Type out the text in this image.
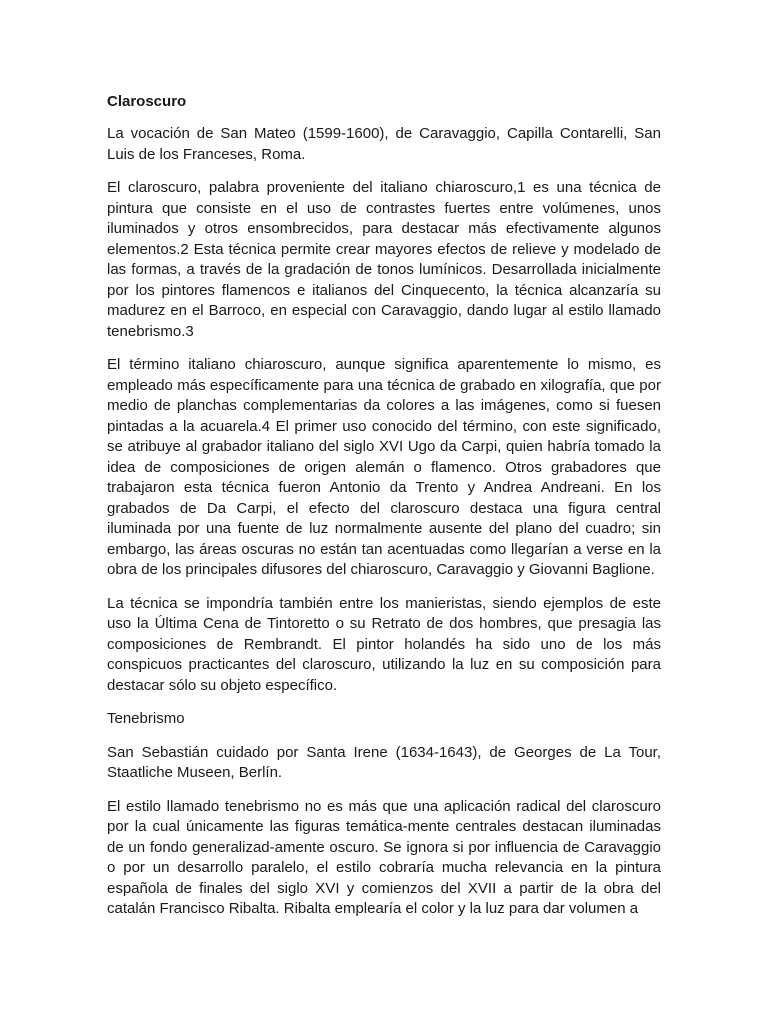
Claroscuro

La vocación de San Mateo (1599-1600), de Caravaggio, Capilla Contarelli, San Luis de los Franceses, Roma.

El claroscuro, palabra proveniente del italiano chiaroscuro,1 es una técnica de pintura que consiste en el uso de contrastes fuertes entre volúmenes, unos iluminados y otros ensombrecidos, para destacar más efectivamente algunos elementos.2 Esta técnica permite crear mayores efectos de relieve y modelado de las formas, a través de la gradación de tonos lumínicos. Desarrollada inicialmente por los pintores flamencos e italianos del Cinquecento, la técnica alcanzaría su madurez en el Barroco, en especial con Caravaggio, dando lugar al estilo llamado tenebrismo.3

El término italiano chiaroscuro, aunque significa aparentemente lo mismo, es empleado más específicamente para una técnica de grabado en xilografía, que por medio de planchas complementarias da colores a las imágenes, como si fuesen pintadas a la acuarela.4 El primer uso conocido del término, con este significado, se atribuye al grabador italiano del siglo XVI Ugo da Carpi, quien habría tomado la idea de composiciones de origen alemán o flamenco. Otros grabadores que trabajaron esta técnica fueron Antonio da Trento y Andrea Andreani. En los grabados de Da Carpi, el efecto del claroscuro destaca una figura central iluminada por una fuente de luz normalmente ausente del plano del cuadro; sin embargo, las áreas oscuras no están tan acentuadas como llegarían a verse en la obra de los principales difusores del chiaroscuro, Caravaggio y Giovanni Baglione.

La técnica se impondría también entre los manieristas, siendo ejemplos de este uso la Última Cena de Tintoretto o su Retrato de dos hombres, que presagia las composiciones de Rembrandt. El pintor holandés ha sido uno de los más conspicuos practicantes del claroscuro, utilizando la luz en su composición para destacar sólo su objeto específico.

Tenebrismo

San Sebastián cuidado por Santa Irene (1634-1643), de Georges de La Tour, Staatliche Museen, Berlín.

El estilo llamado tenebrismo no es más que una aplicación radical del claroscuro por la cual únicamente las figuras temática-mente centrales destacan iluminadas de un fondo generalizad-amente oscuro. Se ignora si por influencia de Caravaggio o por un desarrollo paralelo, el estilo cobraría mucha relevancia en la pintura española de finales del siglo XVI y comienzos del XVII a partir de la obra del catalán Francisco Ribalta. Ribalta emplearía el color y la luz para dar volumen a
